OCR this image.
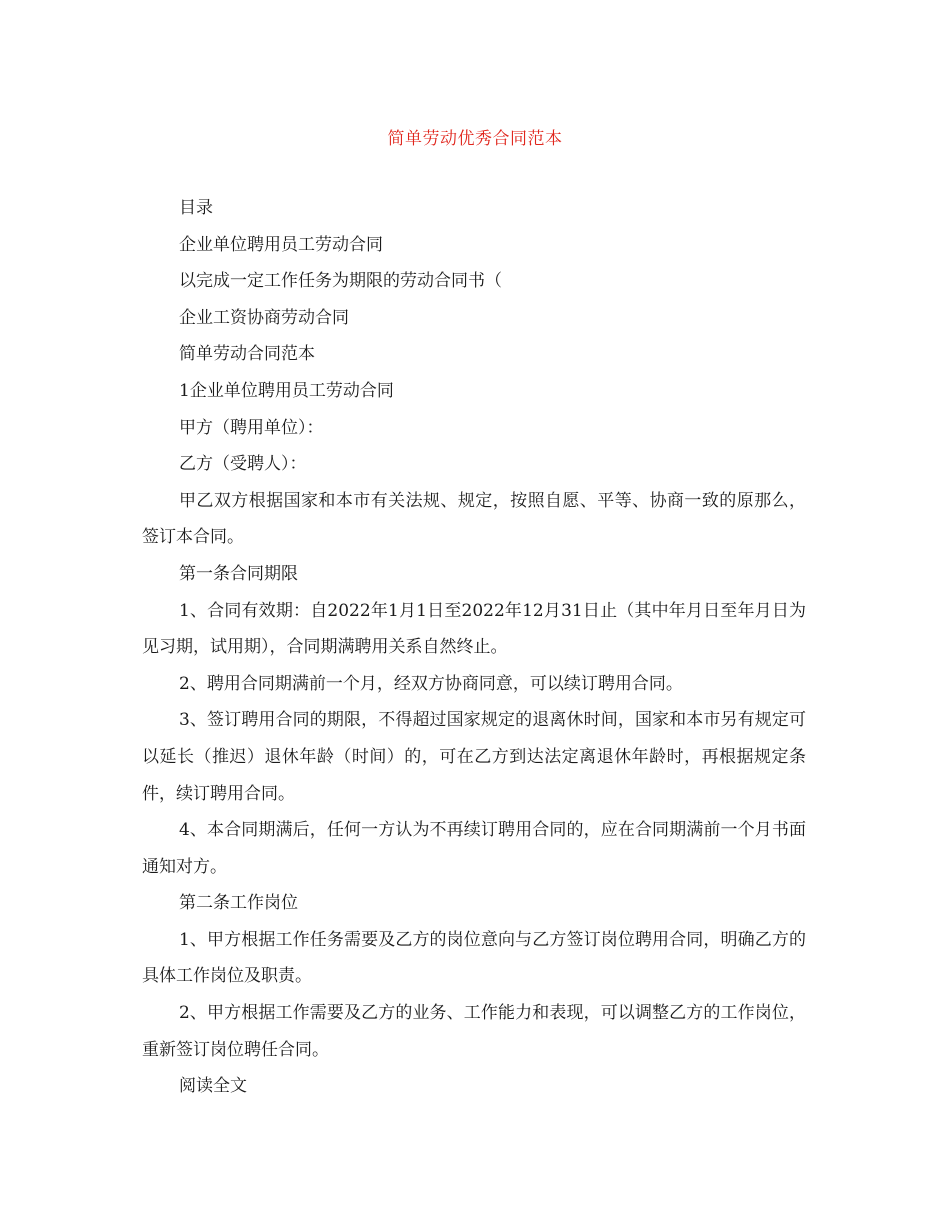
简单劳动优秀合同范本

目录

企业单位聘用员工劳动合同

以完成一定工作任务为期限的劳动合同书（

企业工资协商劳动合同

简单劳动合同范本

1企业单位聘用员工劳动合同

甲方（聘用单位）：

乙方（受聘人）：

甲乙双方根据国家和本市有关法规、规定，按照自愿、平等、协商一致的原那么，签订本合同。

第一条合同期限

1、合同有效期：自2022年1月1日至2022年12月31日止（其中年月日至年月日为见习期，试用期），合同期满聘用关系自然终止。

2、聘用合同期满前一个月，经双方协商同意，可以续订聘用合同。

3、签订聘用合同的期限，不得超过国家规定的退离休时间，国家和本市另有规定可以延长（推迟）退休年龄（时间）的，可在乙方到达法定离退休年龄时，再根据规定条件，续订聘用合同。

4、本合同期满后，任何一方认为不再续订聘用合同的，应在合同期满前一个月书面通知对方。

第二条工作岗位

1、甲方根据工作任务需要及乙方的岗位意向与乙方签订岗位聘用合同，明确乙方的具体工作岗位及职责。

2、甲方根据工作需要及乙方的业务、工作能力和表现，可以调整乙方的工作岗位，重新签订岗位聘任合同。

阅读全文
